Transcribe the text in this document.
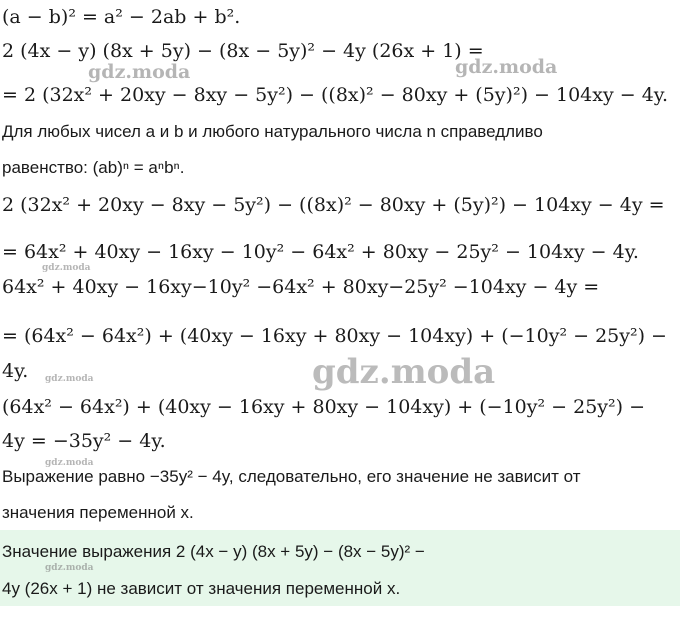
(a − b)² = a² − 2ab + b².
2 (4x − y) (8x + 5y) − (8x − 5y)² − 4y (26x + 1) =
= 2 (32x² + 20xy − 8xy − 5y²) − ((8x)² − 80xy + (5y)²) − 104xy − 4y.
Для любых чисел a и b и любого натурального числа n справедливо
равенство: (ab)ⁿ = aⁿbⁿ.
2 (32x² + 20xy − 8xy − 5y²) − ((8x)² − 80xy + (5y)²) − 104xy − 4y =
= 64x² + 40xy − 16xy − 10y² − 64x² + 80xy − 25y² − 104xy − 4y.
64x² + 40xy − 16xy−10y² −64x² + 80xy−25y² −104xy − 4y =
= (64x² − 64x²) + (40xy − 16xy + 80xy − 104xy) + (−10y² − 25y²) −
4y.
(64x² − 64x²) + (40xy − 16xy + 80xy − 104xy) + (−10y² − 25y²) −
4y = −35y² − 4y.
Выражение равно −35y² − 4y, следовательно, его значение не зависит от
значения переменной x.
Значение выражения 2 (4x − y) (8x + 5y) − (8x − 5y)² −
4y (26x + 1) не зависит от значения переменной x.
gdz.moda	gdz.moda
gdz.moda
gdz.moda	gdz.moda
gdz.moda
gdz.moda
